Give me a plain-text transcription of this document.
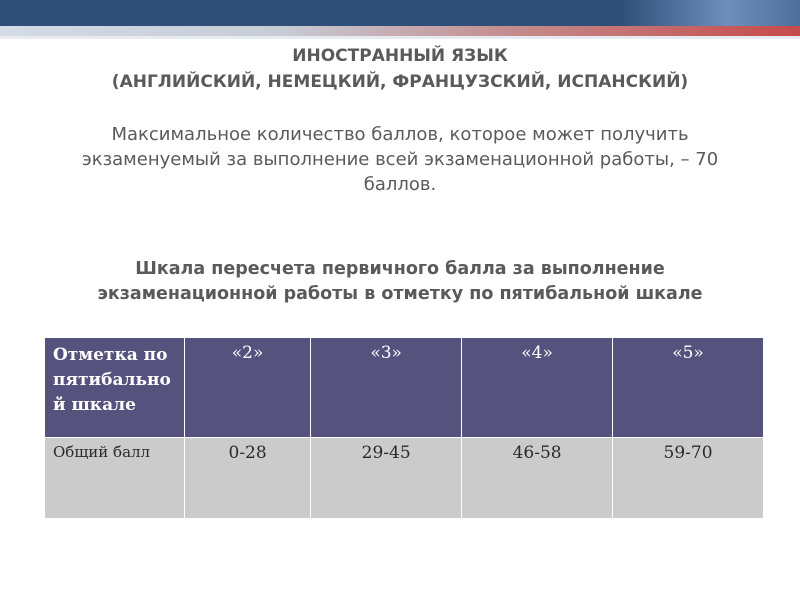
ИНОСТРАННЫЙ ЯЗЫК
(АНГЛИЙСКИЙ, НЕМЕЦКИЙ, ФРАНЦУЗСКИЙ, ИСПАНСКИЙ)
Максимальное количество баллов, которое может получить
экзаменуемый за выполнение всей экзаменационной работы, – 70
баллов.
Шкала пересчета первичного балла за выполнение
экзаменационной работы в отметку по пятибальной шкале
Отметка по пятибально й шкале	«2»	«3»	«4»	«5»
Общий балл	0-28	29-45	46-58	59-70
